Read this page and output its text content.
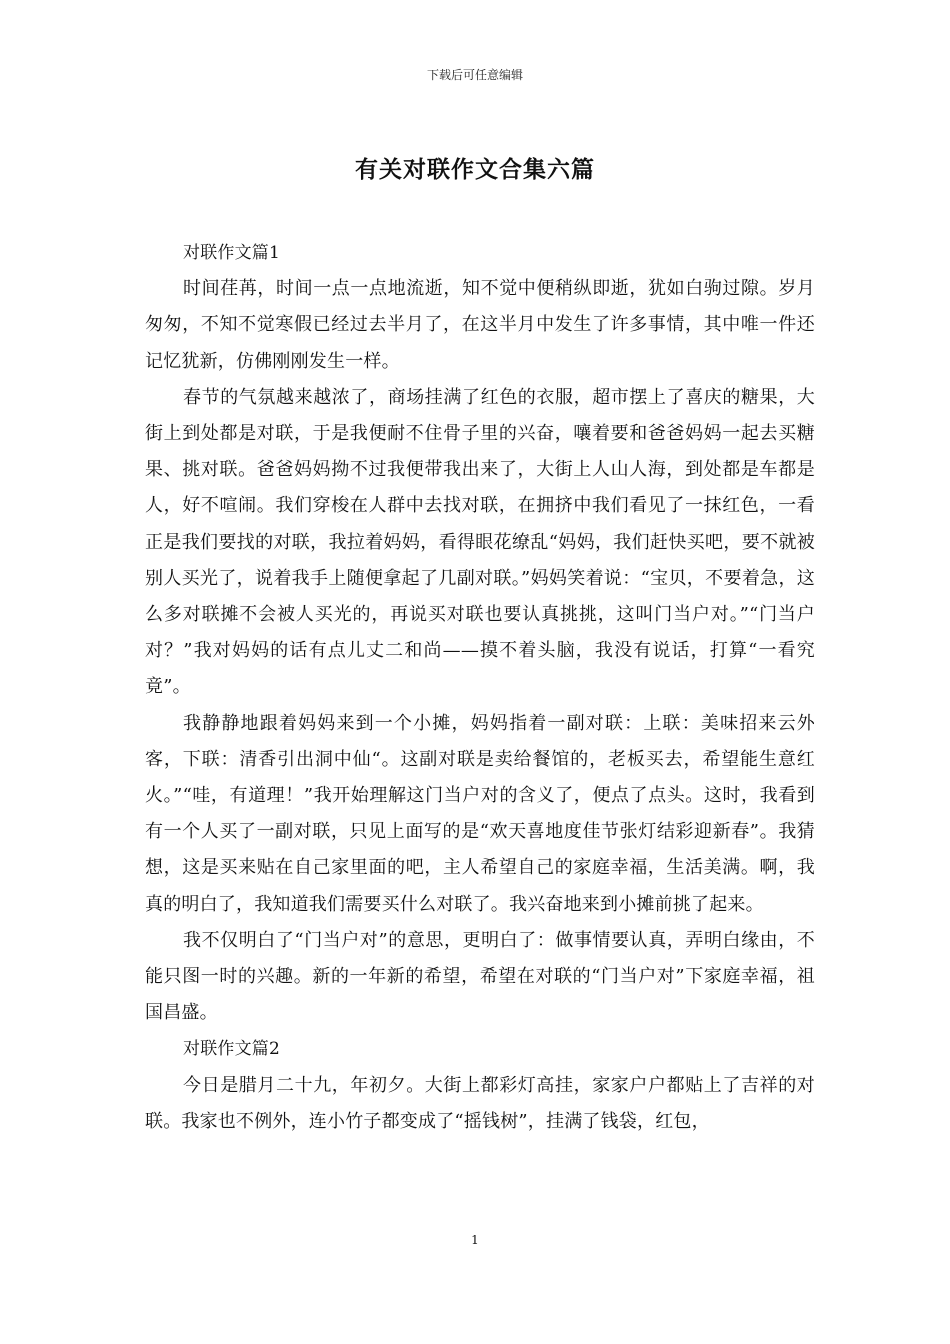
下载后可任意编辑
有关对联作文合集六篇

对联作文篇1

时间荏苒，时间一点一点地流逝，知不觉中便稍纵即逝，犹如白驹过隙。岁月匆匆，不知不觉寒假已经过去半月了，在这半月中发生了许多事情，其中唯一件还记忆犹新，仿佛刚刚发生一样。

春节的气氛越来越浓了，商场挂满了红色的衣服，超市摆上了喜庆的糖果，大街上到处都是对联，于是我便耐不住骨子里的兴奋，嚷着要和爸爸妈妈一起去买糖果、挑对联。爸爸妈妈拗不过我便带我出来了，大街上人山人海，到处都是车都是人，好不喧闹。我们穿梭在人群中去找对联，在拥挤中我们看见了一抹红色，一看正是我们要找的对联，我拉着妈妈，看得眼花缭乱“妈妈，我们赶快买吧，要不就被别人买光了，说着我手上随便拿起了几副对联。”妈妈笑着说：“宝贝，不要着急，这么多对联摊不会被人买光的，再说买对联也要认真挑挑，这叫门当户对。”“门当户对？”我对妈妈的话有点儿丈二和尚——摸不着头脑，我没有说话，打算“一看究竟”。

我静静地跟着妈妈来到一个小摊，妈妈指着一副对联：上联：美味招来云外客，下联：清香引出洞中仙“。这副对联是卖给餐馆的，老板买去，希望能生意红火。”“哇，有道理！”我开始理解这门当户对的含义了，便点了点头。这时，我看到有一个人买了一副对联，只见上面写的是“欢天喜地度佳节张灯结彩迎新春”。我猜想，这是买来贴在自己家里面的吧，主人希望自己的家庭幸福，生活美满。啊，我真的明白了，我知道我们需要买什么对联了。我兴奋地来到小摊前挑了起来。

我不仅明白了“门当户对”的意思，更明白了：做事情要认真，弄明白缘由，不能只图一时的兴趣。新的一年新的希望，希望在对联的“门当户对”下家庭幸福，祖国昌盛。

对联作文篇2

今日是腊月二十九，年初夕。大街上都彩灯高挂，家家户户都贴上了吉祥的对联。我家也不例外，连小竹子都变成了“摇钱树”，挂满了钱袋，红包，

1
